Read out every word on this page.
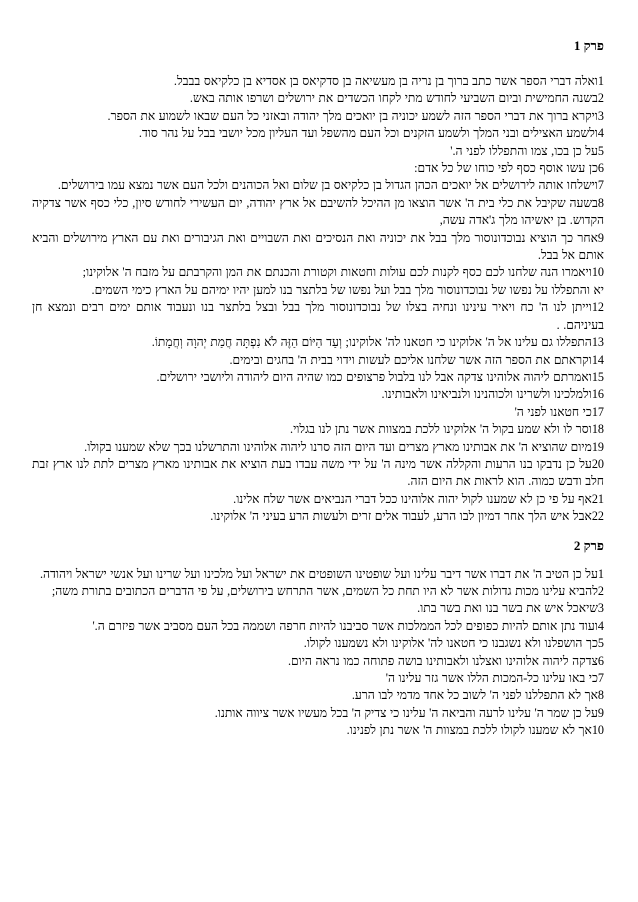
פרק 1

1ואלה דברי הספר אשר כתב ברוך בן נריה בן מעשיאה בן סדקיאס בן אסדיא בן כלקיאס בבבל.

2בשנה החמישית וביום השביעי לחודש מתי לקחו הכשדים את ירושלים ושרפו אותה באש.

3ויקרא ברוך את דברי הספר הזה לשמע יכוניה בן יואכים מלך יהודה ובאזני כל העם שבאו לשמוע את הספר.

4ולשמע האצילים ובני המלך ולשמע הזקנים וכל העם מהשפל ועד העליון מכל יושבי בבל על נהר סוד.

5על כן בכו, צמו והתפללו לפני ה.'

6כן עשו אוסף כסף לפי כוחו של כל אדם:

7וישלחו אותה לירושלים אל יואכים הכהן הגדול בן כלקיאס בן שלום ואל הכוהנים ולכל העם אשר נמצא עמו בירושלים.

8בשעה שקיבל את כלי בית ה' אשר הוצאו מן ההיכל להשיבם אל ארץ יהודה, יום העשירי לחודש סיון, כלי כסף אשר צדקיה הקדוש. בן יאשיהו מלך ג'אדה עשה,

9אחר כך הוציא נבוכדונוסור מלך בבל את יכוניה ואת הנסיכים ואת השבויים ואת הגיבורים ואת עם הארץ מירושלים והביא אותם אל בבל.

10ויאמרו הנה שלחנו לכם כסף לקנות לכם עולות וחטאות וקטורת והכנתם את המן והקרבתם על מזבח ה' אלוקינו;

יא והתפללו על נפשו של נבוכדונוסור מלך בבל ועל נפשו של בלתצר בנו למען יהיו ימיהם על הארץ כימי השמים.

12וייתן לנו ה' כח ויאיר עינינו ונחיה בצלו של נבוכדונוסור מלך בבל ובצל בלתצר בנו ונעבוד אותם ימים רבים ונמצא חן בעיניהם. .

13התפללו גם עלינו אל ה' אלוקינו כי חטאנו לה' אלוקינו; וְעַד הַיּוֹם הַזֶּה לֹא נִפְתָּה חֲמַת יְהוָה וְחֲמָתוֹ.

14וקראתם את הספר הזה אשר שלחנו אליכם לעשות וידוי בבית ה' בחגים ובימים.

15ואמרתם ליהוה אלוהינו צדקה אבל לנו בלבול פרצופים כמו שהיה היום ליהודה וליושבי ירושלים.

16ולמלכינו ולשרינו ולכוהנינו ולנביאינו ולאבותינו.

17כי חטאנו לפני ה'

18וסר לו ולא שמע בקול ה' אלוקינו ללכת במצוות אשר נתן לנו בגלוי.

19מיום שהוציא ה' את אבותינו מארץ מצרים ועד היום הזה סרנו ליהוה אלוהינו והתרשלנו בכך שלא שמענו בקולו.

20על כן נדבקו בנו הרעות והקללה אשר מינה ה' על ידי משה עבדו בעת הוציא את אבותינו מארץ מצרים לתת לנו ארץ זבת חלב ודבש כמוה. הוא לראות את היום הזה.

21אף על פי כן לא שמענו לקול יהוה אלוהינו ככל דברי הנביאים אשר שלח אלינו.

22אבל איש הלך אחר דמיון לבו הרע, לעבוד אלים זרים ולעשות הרע בעיני ה' אלוקינו.

פרק 2

1על כן הטיב ה' את דברו אשר דיבר עלינו ועל שופטינו השופטים את ישראל ועל מלכינו ועל שרינו ועל אנשי ישראל ויהודה.

2להביא עלינו מכות גדולות אשר לא היו תחת כל השמים, אשר התרחש בירושלים, על פי הדברים הכתובים בתורת משה;

3שיאכל איש את בשר בנו ואת בשר בתו.

4ועוד נתן אותם להיות כפופים לכל הממלכות אשר סביבנו להיות חרפה ושממה בכל העם מסביב אשר פיזרם ה.'

5כך הושפלנו ולא נשגבנו כי חטאנו לה' אלוקינו ולא נשמענו לקולו.

6צדקה ליהוה אלוהינו ואצלנו ולאבותינו בושה פתוחה כמו נראה היום.

7כי באו עלינו כל-המכות הללו אשר גזר עלינו ה'

8אך לא התפללנו לפני ה' לשוב כל אחד מדמי לבו הרע.

9על כן שמר ה' עלינו לרעה והביאה ה' עלינו כי צדיק ה' בכל מעשיו אשר ציווה אותנו.

10אך לא שמענו לקולו ללכת במצוות ה' אשר נתן לפנינו.
